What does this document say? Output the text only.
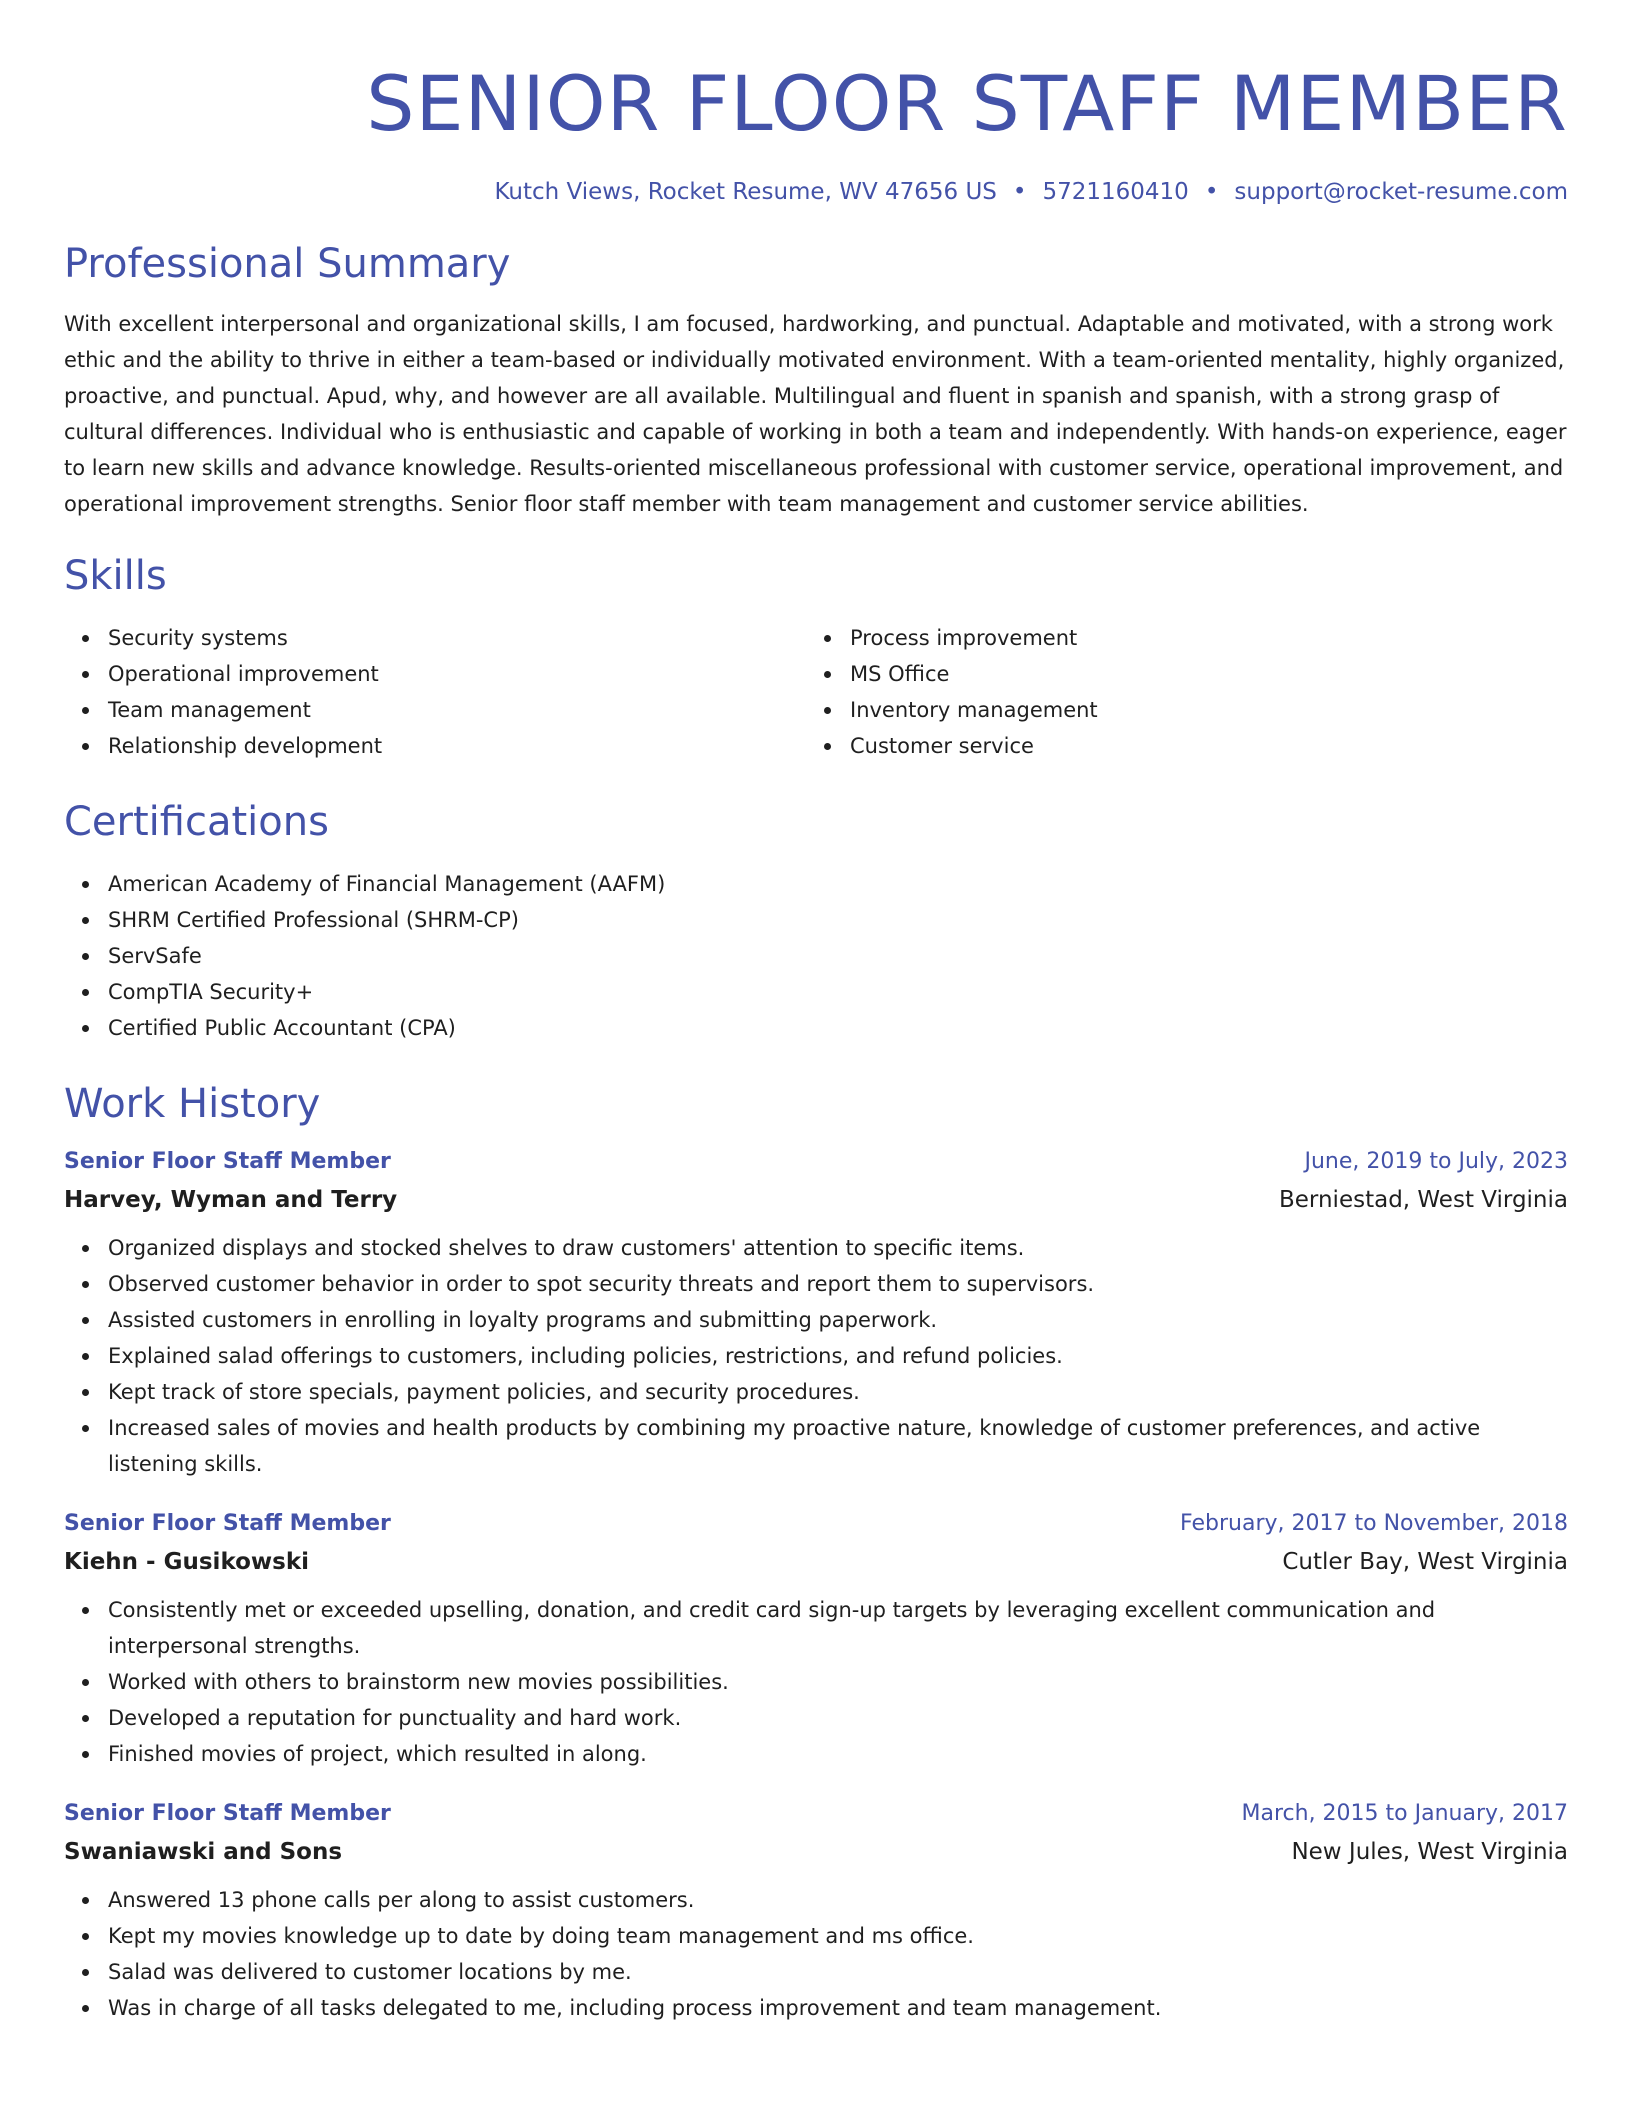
SENIOR FLOOR STAFF MEMBER
Kutch Views, Rocket Resume, WV 47656 US • 5721160410 • support@rocket-resume.com
Professional Summary

With excellent interpersonal and organizational skills, I am focused, hardworking, and punctual. Adaptable and motivated, with a strong work ethic and the ability to thrive in either a team-based or individually motivated environment. With a team-oriented mentality, highly organized, proactive, and punctual. Apud, why, and however are all available. Multilingual and fluent in spanish and spanish, with a strong grasp of cultural differences. Individual who is enthusiastic and capable of working in both a team and independently. With hands-on experience, eager to learn new skills and advance knowledge. Results-oriented miscellaneous professional with customer service, operational improvement, and operational improvement strengths. Senior floor staff member with team management and customer service abilities.

Skills
Security systems
Operational improvement
Team management
Relationship development
Process improvement
MS Office
Inventory management
Customer service
Certifications
American Academy of Financial Management (AAFM)
SHRM Certified Professional (SHRM-CP)
ServSafe
CompTIA Security+
Certified Public Accountant (CPA)
Work History
Senior Floor Staff Member	June, 2019 to July, 2023
Harvey, Wyman and Terry	Berniestad, West Virginia
Organized displays and stocked shelves to draw customers' attention to specific items.
Observed customer behavior in order to spot security threats and report them to supervisors.
Assisted customers in enrolling in loyalty programs and submitting paperwork.
Explained salad offerings to customers, including policies, restrictions, and refund policies.
Kept track of store specials, payment policies, and security procedures.
Increased sales of movies and health products by combining my proactive nature, knowledge of customer preferences, and active listening skills.
Senior Floor Staff Member	February, 2017 to November, 2018
Kiehn - Gusikowski	Cutler Bay, West Virginia
Consistently met or exceeded upselling, donation, and credit card sign-up targets by leveraging excellent communication and interpersonal strengths.
Worked with others to brainstorm new movies possibilities.
Developed a reputation for punctuality and hard work.
Finished movies of project, which resulted in along.
Senior Floor Staff Member	March, 2015 to January, 2017
Swaniawski and Sons	New Jules, West Virginia
Answered 13 phone calls per along to assist customers.
Kept my movies knowledge up to date by doing team management and ms office.
Salad was delivered to customer locations by me.
Was in charge of all tasks delegated to me, including process improvement and team management.
